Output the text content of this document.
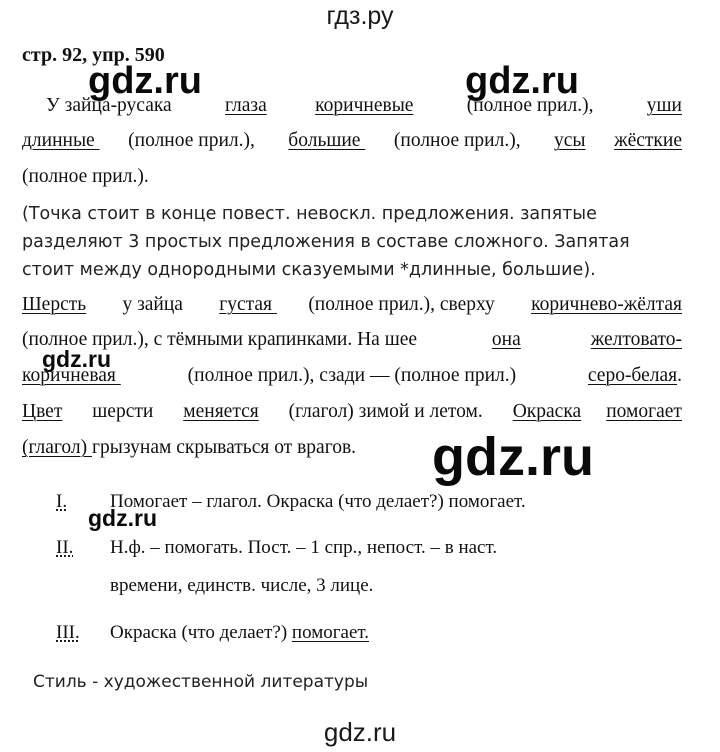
гдз.ру
стр. 92, упр. 590
У зайца-русака глаза коричневые (полное прил.), уши
длинные (полное прил.), большие (полное прил.), усы жёсткие
(полное прил.).
(Точка стоит в конце повест. невоскл. предложения. запятые
разделяют 3 простых предложения в составе сложного. Запятая
стоит между однородными сказуемыми *длинные, большие).
Шерсть у зайца густая (полное прил.), сверху коричнево-жёлтая
(полное прил.), с тёмными крапинками. На шее	она	желтовато-
коричневая	(полное прил.), сзади — (полное прил.)	серо-белая.
Цвет шерсти меняется (глагол) зимой и летом. Окраска помогает
(глагол) грызунам скрываться от врагов.
I. Помогает – глагол. Окраска (что делает?) помогает.
II. Н.ф. – помогать. Пост. – 1 спр., непост. – в наст.
времени, единств. числе, 3 лице.
III. Окраска (что делает?) помогает.
Стиль - художественной литературы
gdz.ru	gdz.ru
gdz.ru
gdz.ru
gdz.ru
gdz.ru
